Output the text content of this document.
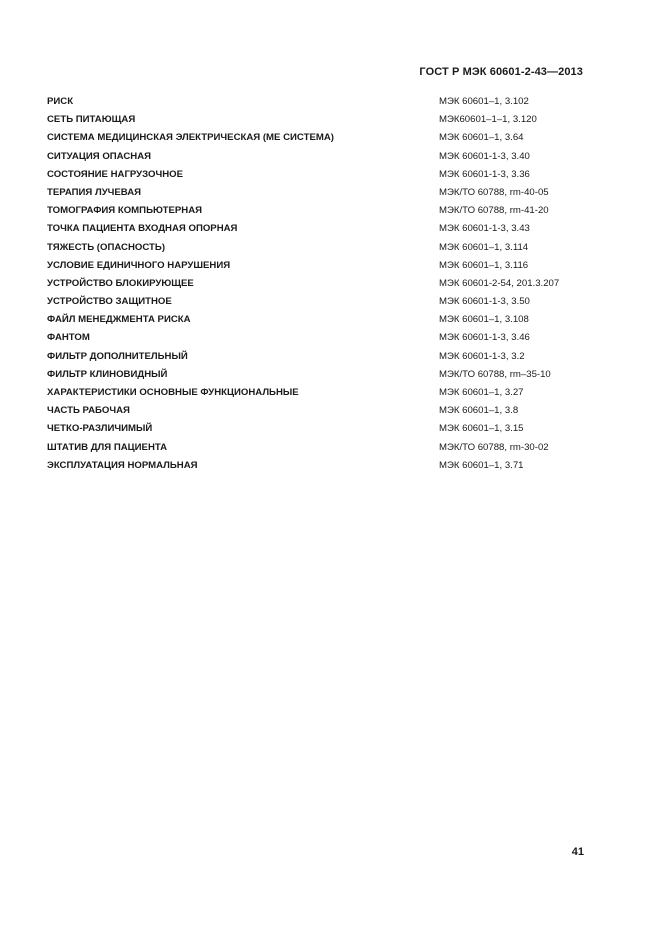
ГОСТ Р МЭК 60601-2-43—2013
РИСК	МЭК 60601–1, 3.102
СЕТЬ ПИТАЮЩАЯ	МЭК60601–1–1, 3.120
СИСТЕМА МЕДИЦИНСКАЯ ЭЛЕКТРИЧЕСКАЯ (МЕ СИСТЕМА)	МЭК 60601–1, 3.64
СИТУАЦИЯ ОПАСНАЯ	МЭК 60601-1-3, 3.40
СОСТОЯНИЕ НАГРУЗОЧНОЕ	МЭК 60601-1-3, 3.36
ТЕРАПИЯ ЛУЧЕВАЯ	МЭК/ТО 60788, rm-40-05
ТОМОГРАФИЯ КОМПЬЮТЕРНАЯ	МЭК/ТО 60788, rm-41-20
ТОЧКА ПАЦИЕНТА ВХОДНАЯ ОПОРНАЯ	МЭК 60601-1-3, 3.43
ТЯЖЕСТЬ (ОПАСНОСТЬ)	МЭК 60601–1, 3.114
УСЛОВИЕ ЕДИНИЧНОГО НАРУШЕНИЯ	МЭК 60601–1, 3.116
УСТРОЙСТВО БЛОКИРУЮЩЕЕ	МЭК 60601-2-54, 201.3.207
УСТРОЙСТВО ЗАЩИТНОЕ	МЭК 60601-1-3, 3.50
ФАЙЛ МЕНЕДЖМЕНТА РИСКА	МЭК 60601–1, 3.108
ФАНТОМ	МЭК 60601-1-3, 3.46
ФИЛЬТР ДОПОЛНИТЕЛЬНЫЙ	МЭК 60601-1-3, 3.2
ФИЛЬТР КЛИНОВИДНЫЙ	МЭК/ТО 60788, rm–35-10
ХАРАКТЕРИСТИКИ ОСНОВНЫЕ ФУНКЦИОНАЛЬНЫЕ	МЭК 60601–1, 3.27
ЧАСТЬ РАБОЧАЯ	МЭК 60601–1, 3.8
ЧЕТКО-РАЗЛИЧИМЫЙ	МЭК 60601–1, 3.15
ШТАТИВ ДЛЯ ПАЦИЕНТА	МЭК/ТО 60788, rm-30-02
ЭКСПЛУАТАЦИЯ НОРМАЛЬНАЯ	МЭК 60601–1, 3.71
41
